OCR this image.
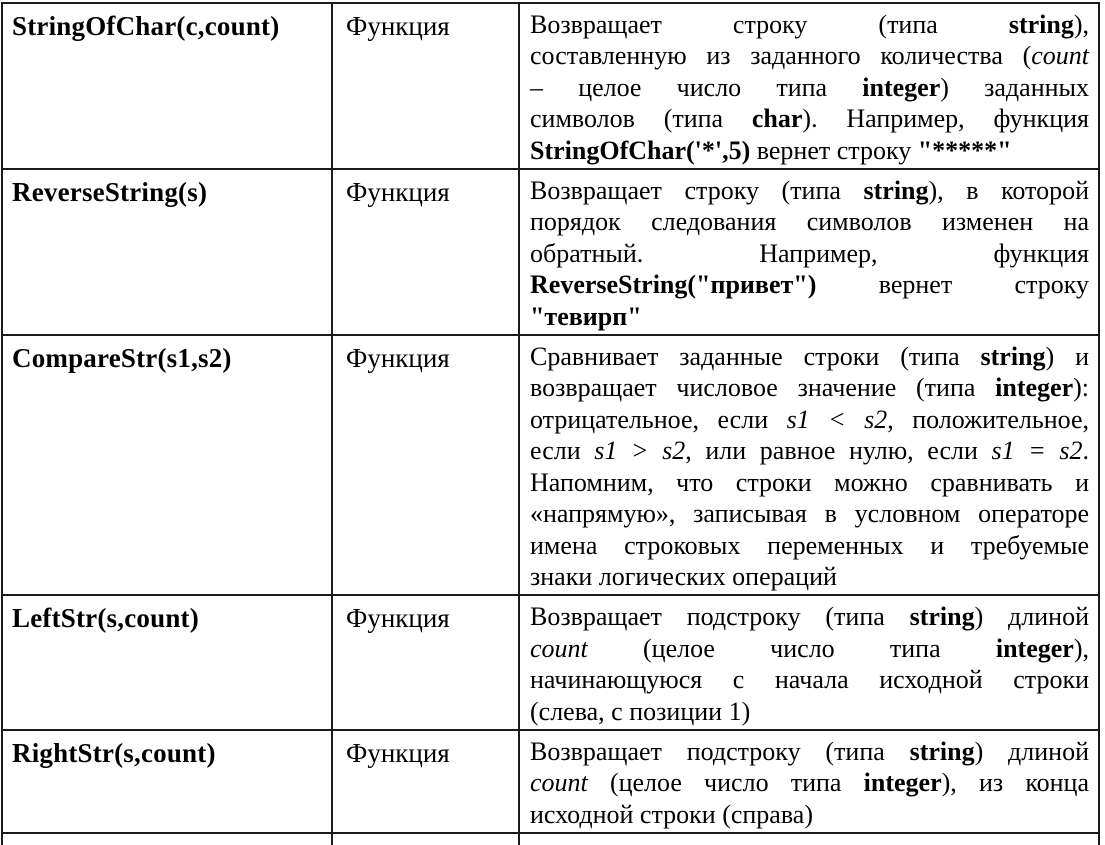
StringOfChar(c,count)	Функция	Возвращает строку (типа string),
составленную из заданного количества (count
– целое число типа integer) заданных
символов (типа char). Например, функция
StringOfChar('*',5) вернет строку "*****"

ReverseString(s)	Функция	Возвращает строку (типа string), в которой
порядок следования символов изменен на
обратный. Например, функция
ReverseString("привет") вернет строку
"тевирп"

CompareStr(s1,s2)	Функция	Сравнивает заданные строки (типа string) и
возвращает числовое значение (типа integer):
отрицательное, если s1 < s2, положительное,
если s1 > s2, или равное нулю, если s1 = s2.
Напомним, что строки можно сравнивать и
«напрямую», записывая в условном операторе
имена строковых переменных и требуемые
знаки логических операций

LeftStr(s,count)	Функция	Возвращает подстроку (типа string) длиной
count (целое число типа integer),
начинающуюся с начала исходной строки
(слева, с позиции 1)

RightStr(s,count)	Функция	Возвращает подстроку (типа string) длиной
count (целое число типа integer), из конца
исходной строки (справа)
